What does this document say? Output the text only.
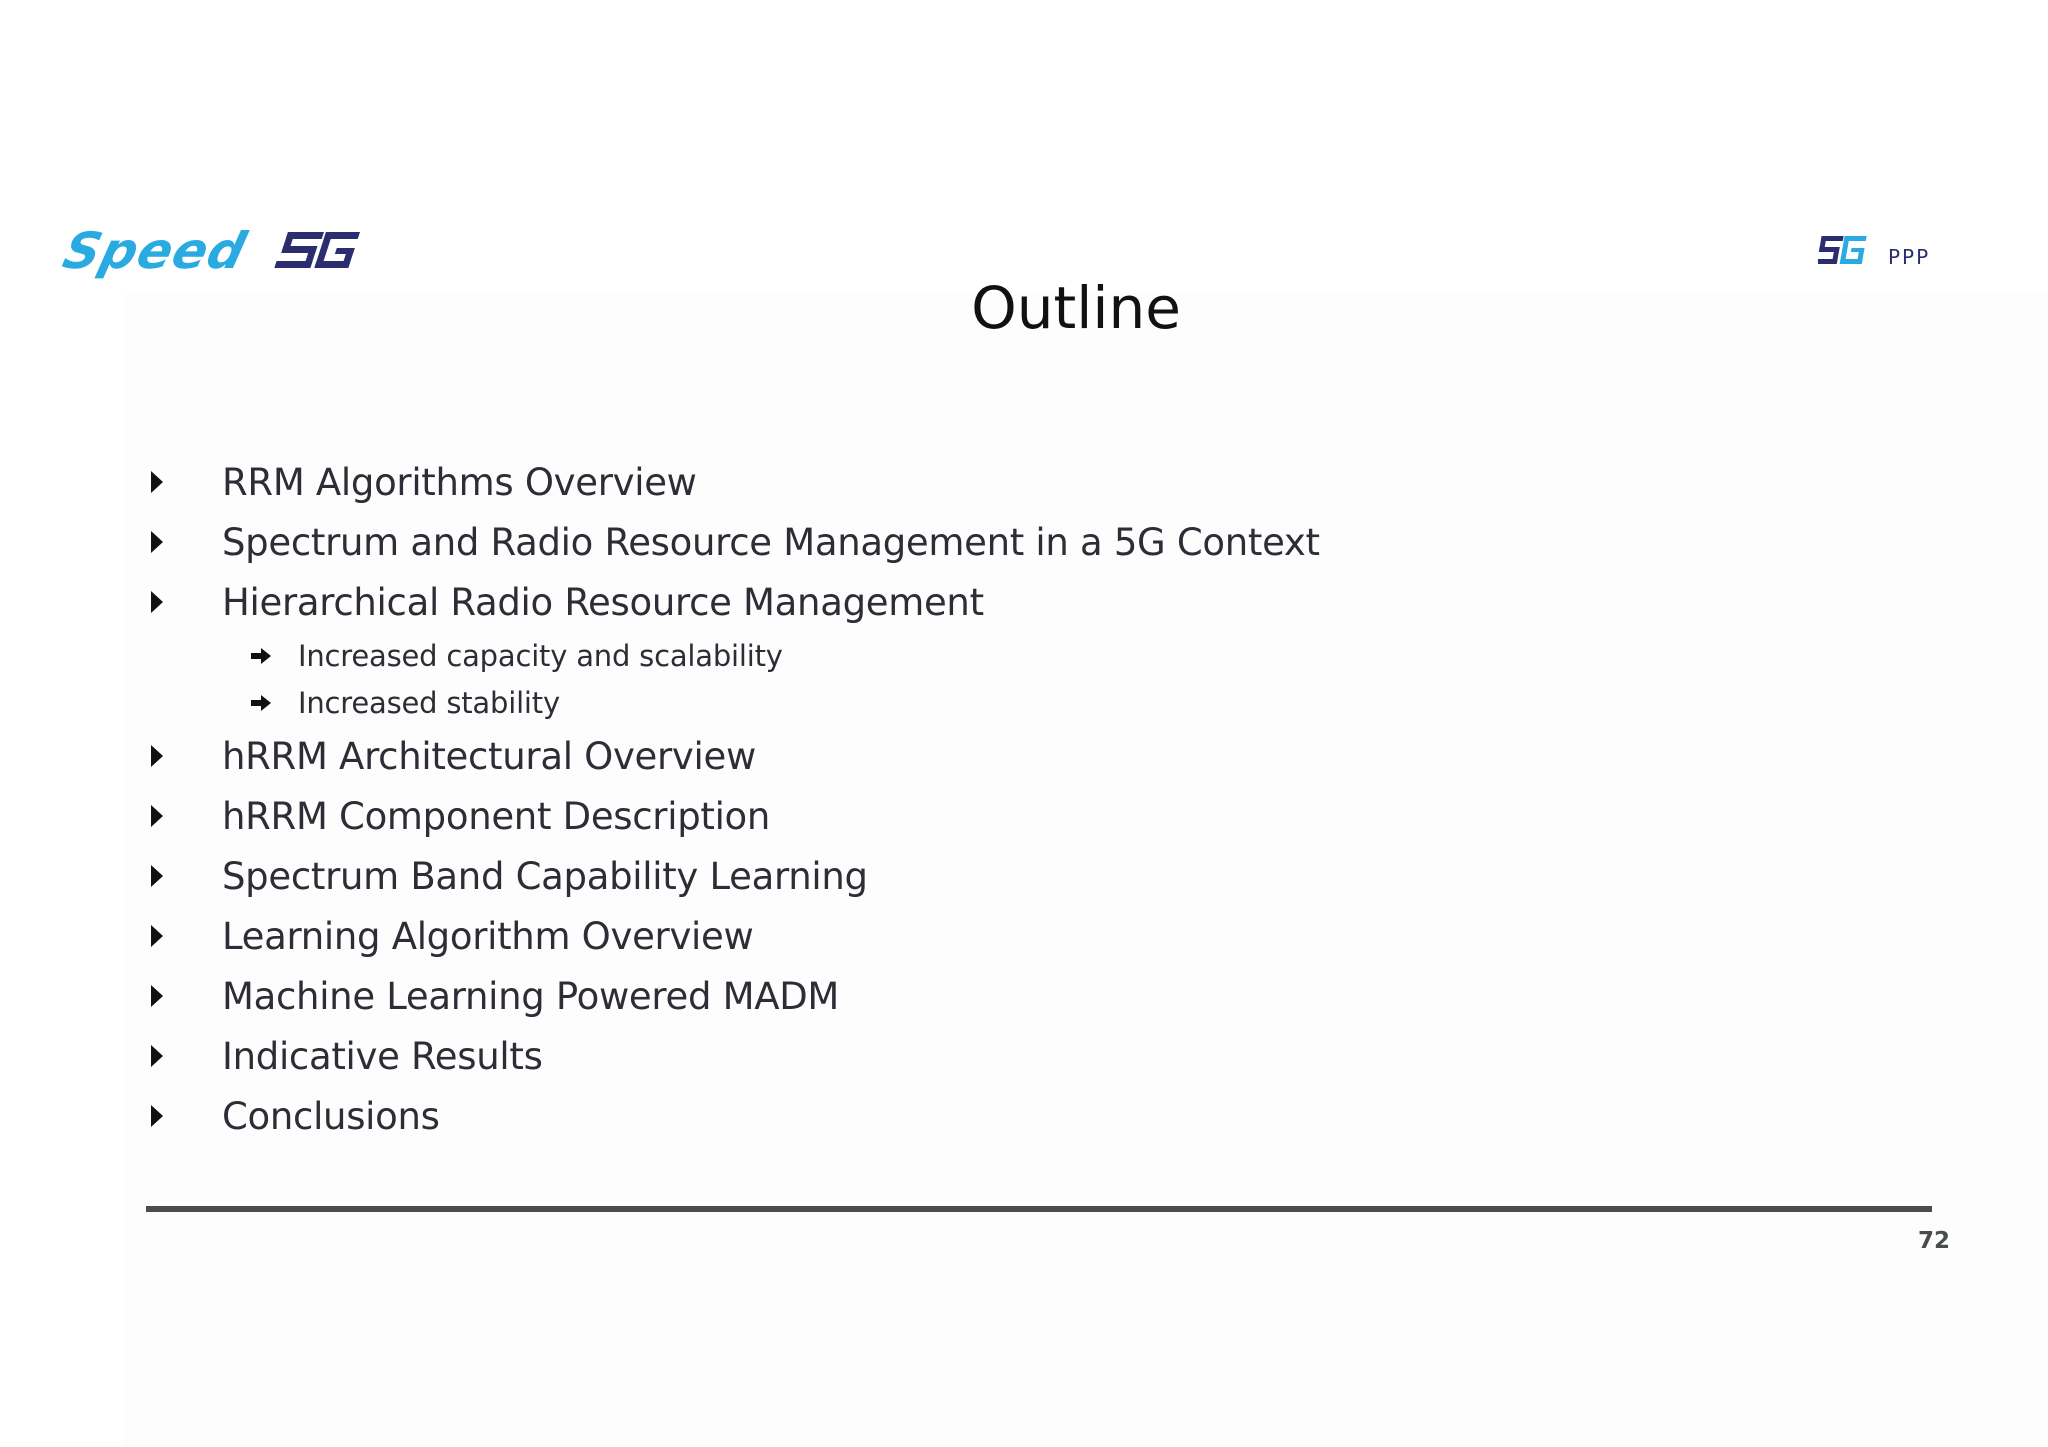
Speed	PPP
Outline
RRM Algorithms Overview
Spectrum and Radio Resource Management in a 5G Context
Hierarchical Radio Resource Management
Increased capacity and scalability
Increased stability
hRRM Architectural Overview
hRRM Component Description
Spectrum Band Capability Learning
Learning Algorithm Overview
Machine Learning Powered MADM
Indicative Results
Conclusions
72
